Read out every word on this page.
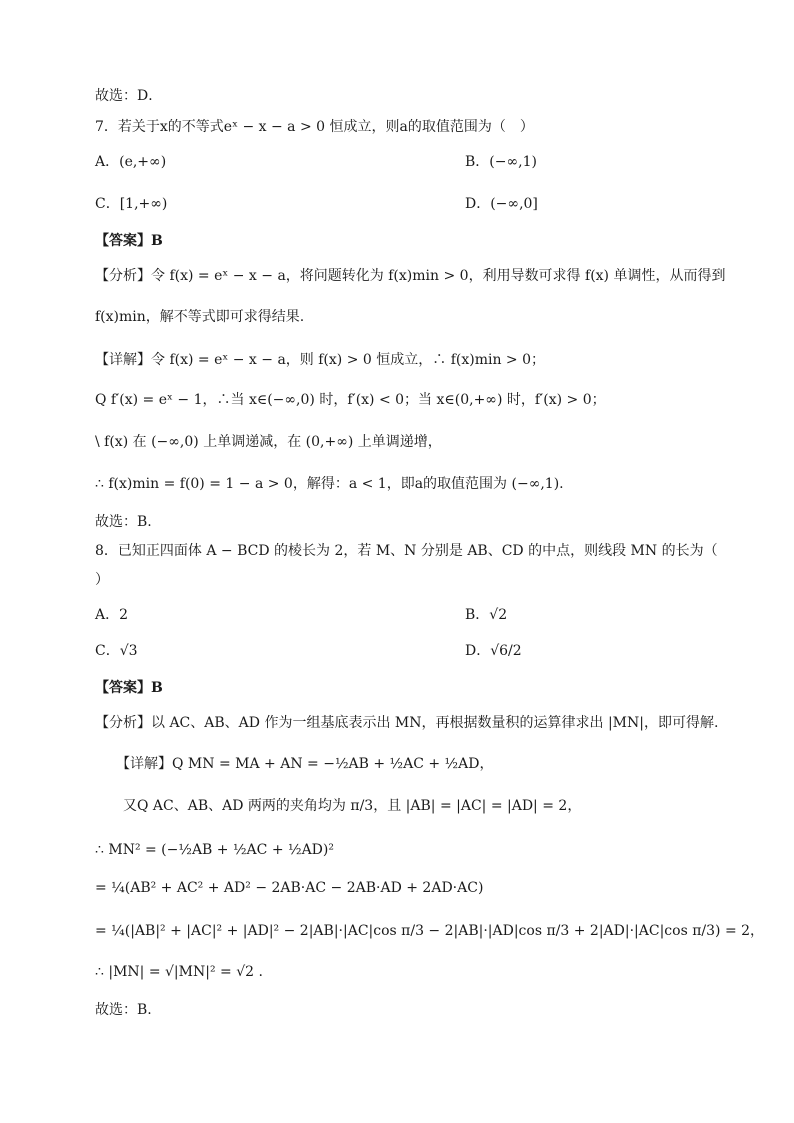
故选：D．
7．若关于x的不等式eˣ − x − a > 0 恒成立，则a的取值范围为（　）
A．(e,+∞)	B．(−∞,1)
C．[1,+∞)	D．(−∞,0]
【答案】B
【分析】令 f(x) = eˣ − x − a，将问题转化为 f(x)min > 0，利用导数可求得 f(x) 单调性，从而得到
f(x)min，解不等式即可求得结果.
【详解】令 f(x) = eˣ − x − a，则 f(x) > 0 恒成立，∴ f(x)min > 0；
Q f′(x) = eˣ − 1，∴当 x∈(−∞,0) 时，f′(x) < 0；当 x∈(0,+∞) 时，f′(x) > 0；
\ f(x) 在 (−∞,0) 上单调递减，在 (0,+∞) 上单调递增，
∴ f(x)min = f(0) = 1 − a > 0，解得：a < 1，即a的取值范围为 (−∞,1).
故选：B.
8．已知正四面体 A − BCD 的棱长为 2，若 M、N 分别是 AB、CD 的中点，则线段 MN 的长为（
）
A．2	B．√2
C．√3	D．√6/2
【答案】B
【分析】以 AC、AB、AD 作为一组基底表示出 MN，再根据数量积的运算律求出 |MN|，即可得解.
　　【详解】Q MN = MA + AN = −½AB + ½AC + ½AD，
　　又Q AC、AB、AD 两两的夹角均为 π/3，且 |AB| = |AC| = |AD| = 2，
∴ MN² = (−½AB + ½AC + ½AD)²
= ¼(AB² + AC² + AD² − 2AB·AC − 2AB·AD + 2AD·AC)
= ¼(|AB|² + |AC|² + |AD|² − 2|AB|·|AC|cos π/3 − 2|AB|·|AD|cos π/3 + 2|AD|·|AC|cos π/3) = 2，
∴ |MN| = √|MN|² = √2 .
故选：B.
